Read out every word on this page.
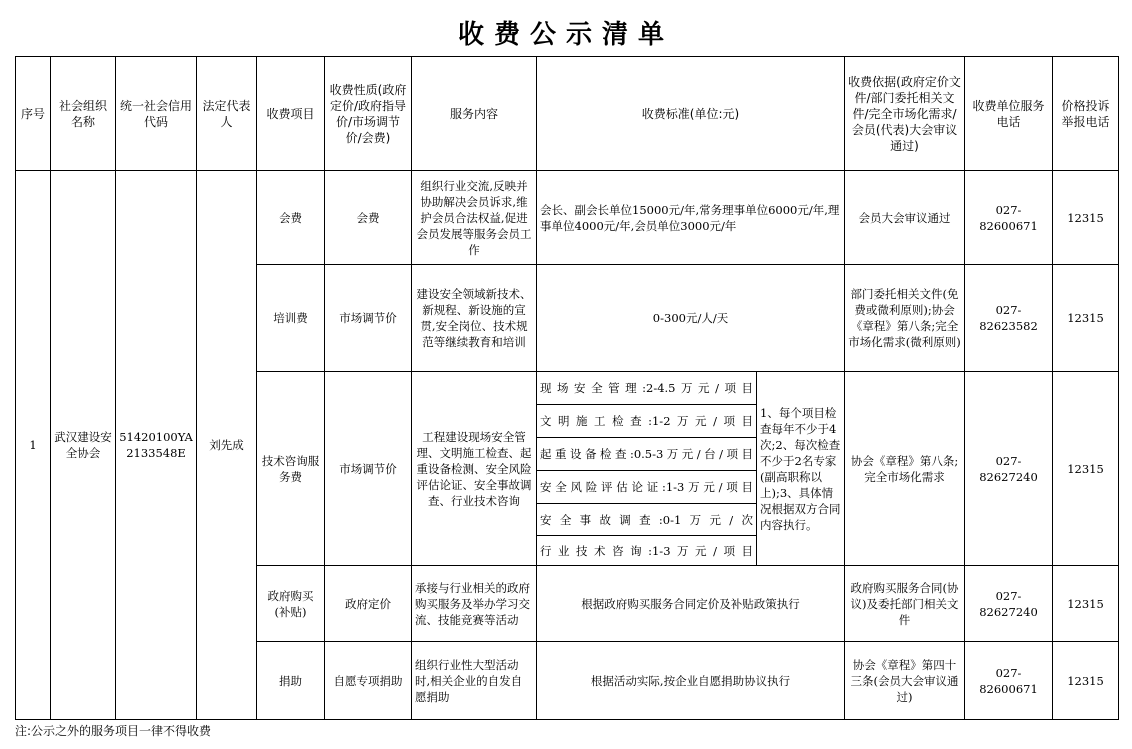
收费公示清单
序号	社会组织名称	统一社会信用代码	法定代表人	收费项目	收费性质(政府定价/政府指导价/市场调节价/会费)	服务内容	收费标准(单位:元)		收费依据(政府定价文件/部门委托相关文件/完全市场化需求/会员(代表)大会审议通过)	收费单位服务电话	价格投诉举报电话
1	武汉建设安全协会	51420100YA2133548E	刘先成	会费	会费	组织行业交流,反映并协助解决会员诉求,维护会员合法权益,促进会员发展等服务会员工作	会长、副会长单位15000元/年,常务理事单位6000元/年,理事单位4000元/年,会员单位3000元/年		会员大会审议通过	027-82600671	12315
				培训费	市场调节价	建设安全领域新技术、新规程、新设施的宣贯,安全岗位、技术规范等继续教育和培训	0-300元/人/天		部门委托相关文件(免费或微利原则);协会《章程》第八条;完全市场化需求(微利原则)	027-82623582	12315
				技术咨询服务费	市场调节价	工程建设现场安全管理、文明施工检查、起重设备检测、安全风险评估论证、安全事故调查、行业技术咨询	现场安全管理:2-4.5万元/项目	1、每个项目检查每年不少于4次;2、每次检查不少于2名专家(副高职称以上);3、具体情况根据双方合同内容执行。	协会《章程》第八条;完全市场化需求	027-82627240	12315
							文明施工检查:1-2万元/项目				
							起重设备检查:0.5-3万元/台/项目				
							安全风险评估论证:1-3万元/项目				
							安全事故调查:0-1万元/次				
							行业技术咨询:1-3万元/项目				
				政府购买(补贴)	政府定价	承接与行业相关的政府购买服务及举办学习交流、技能竞赛等活动	根据政府购买服务合同定价及补贴政策执行		政府购买服务合同(协议)及委托部门相关文件	027-82627240	12315
				捐助	自愿专项捐助	组织行业性大型活动时,相关企业的自发自愿捐助	根据活动实际,按企业自愿捐助协议执行		协会《章程》第四十三条(会员大会审议通过)	027-82600671	12315
注:公示之外的服务项目一律不得收费
